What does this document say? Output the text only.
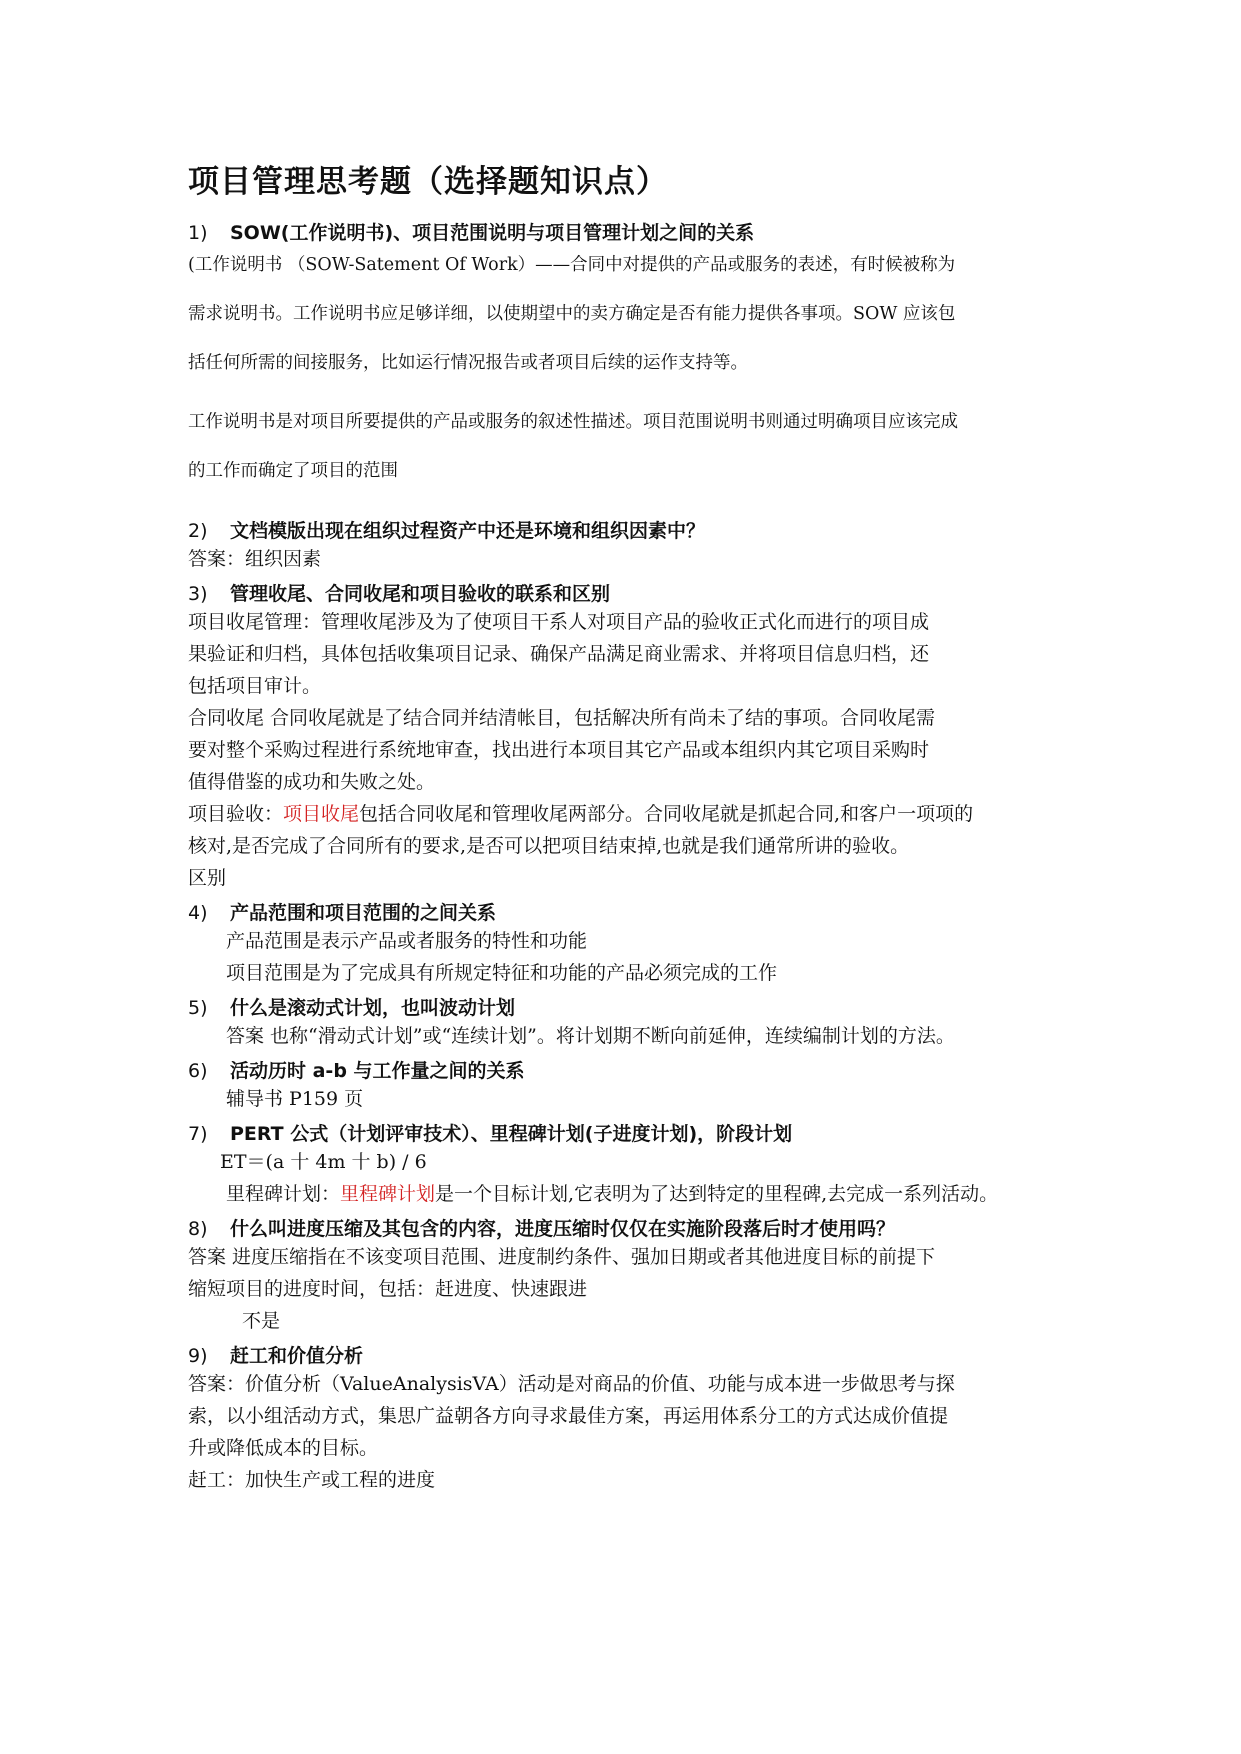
项目管理思考题（选择题知识点）
1)	SOW(工作说明书)、项目范围说明与项目管理计划之间的关系

(工作说明书 （SOW-Satement Of Work）——合同中对提供的产品或服务的表述，有时候被称为

需求说明书。工作说明书应足够详细，以使期望中的卖方确定是否有能力提供各事项。SOW 应该包

括任何所需的间接服务，比如运行情况报告或者项目后续的运作支持等。

工作说明书是对项目所要提供的产品或服务的叙述性描述。项目范围说明书则通过明确项目应该完成

的工作而确定了项目的范围

2)	文档模版出现在组织过程资产中还是环境和组织因素中？

答案：组织因素

3)	管理收尾、合同收尾和项目验收的联系和区别

项目收尾管理：管理收尾涉及为了使项目干系人对项目产品的验收正式化而进行的项目成

果验证和归档，具体包括收集项目记录、确保产品满足商业需求、并将项目信息归档，还

包括项目审计。

合同收尾 合同收尾就是了结合同并结清帐目，包括解决所有尚未了结的事项。合同收尾需

要对整个采购过程进行系统地审查，找出进行本项目其它产品或本组织内其它项目采购时

值得借鉴的成功和失败之处。

项目验收：项目收尾包括合同收尾和管理收尾两部分。合同收尾就是抓起合同,和客户一项项的

核对,是否完成了合同所有的要求,是否可以把项目结束掉,也就是我们通常所讲的验收。

区别

4)	产品范围和项目范围的之间关系

产品范围是表示产品或者服务的特性和功能

项目范围是为了完成具有所规定特征和功能的产品必须完成的工作

5)	什么是滚动式计划，也叫波动计划

答案 也称“滑动式计划”或“连续计划”。将计划期不断向前延伸，连续编制计划的方法。

6)	活动历时 a-b 与工作量之间的关系

辅导书 P159 页

7)	PERT 公式（计划评审技术）、里程碑计划(子进度计划)，阶段计划

ET＝(a 十 4m 十 b) / 6

里程碑计划：里程碑计划是一个目标计划,它表明为了达到特定的里程碑,去完成一系列活动。

8)	什么叫进度压缩及其包含的内容，进度压缩时仅仅在实施阶段落后时才使用吗？

答案 进度压缩指在不该变项目范围、进度制约条件、强加日期或者其他进度目标的前提下

缩短项目的进度时间，包括：赶进度、快速跟进

不是

9)	赶工和价值分析

答案：价值分析（ValueAnalysisVA）活动是对商品的价值、功能与成本进一步做思考与探

索，以小组活动方式，集思广益朝各方向寻求最佳方案，再运用体系分工的方式达成价值提

升或降低成本的目标。

赶工：加快生产或工程的进度
